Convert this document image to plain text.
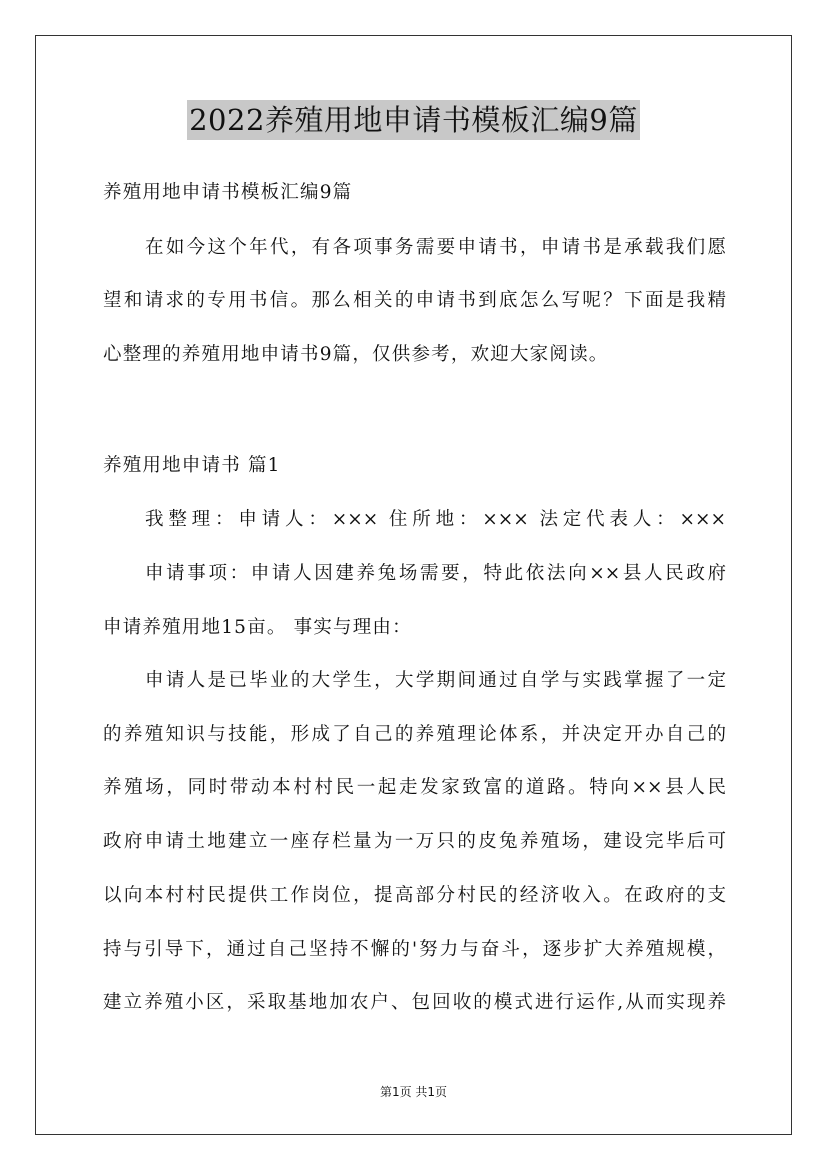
2022养殖用地申请书模板汇编9篇
养殖用地申请书模板汇编9篇
在如今这个年代，有各项事务需要申请书，申请书是承载我们愿
望和请求的专用书信。那么相关的申请书到底怎么写呢？下面是我精
心整理的养殖用地申请书9篇，仅供参考，欢迎大家阅读。
养殖用地申请书 篇1
我整理：申请人：××× 住所地：××× 法定代表人：×××
申请事项：申请人因建养兔场需要，特此依法向××县人民政府
申请养殖用地15亩。 事实与理由：
申请人是已毕业的大学生，大学期间通过自学与实践掌握了一定
的养殖知识与技能，形成了自己的养殖理论体系，并决定开办自己的
养殖场，同时带动本村村民一起走发家致富的道路。特向××县人民
政府申请土地建立一座存栏量为一万只的皮兔养殖场，建设完毕后可
以向本村村民提供工作岗位，提高部分村民的经济收入。在政府的支
持与引导下，通过自己坚持不懈的'努力与奋斗，逐步扩大养殖规模，
建立养殖小区，采取基地加农户、包回收的模式进行运作,从而实现养
第1页 共1页
